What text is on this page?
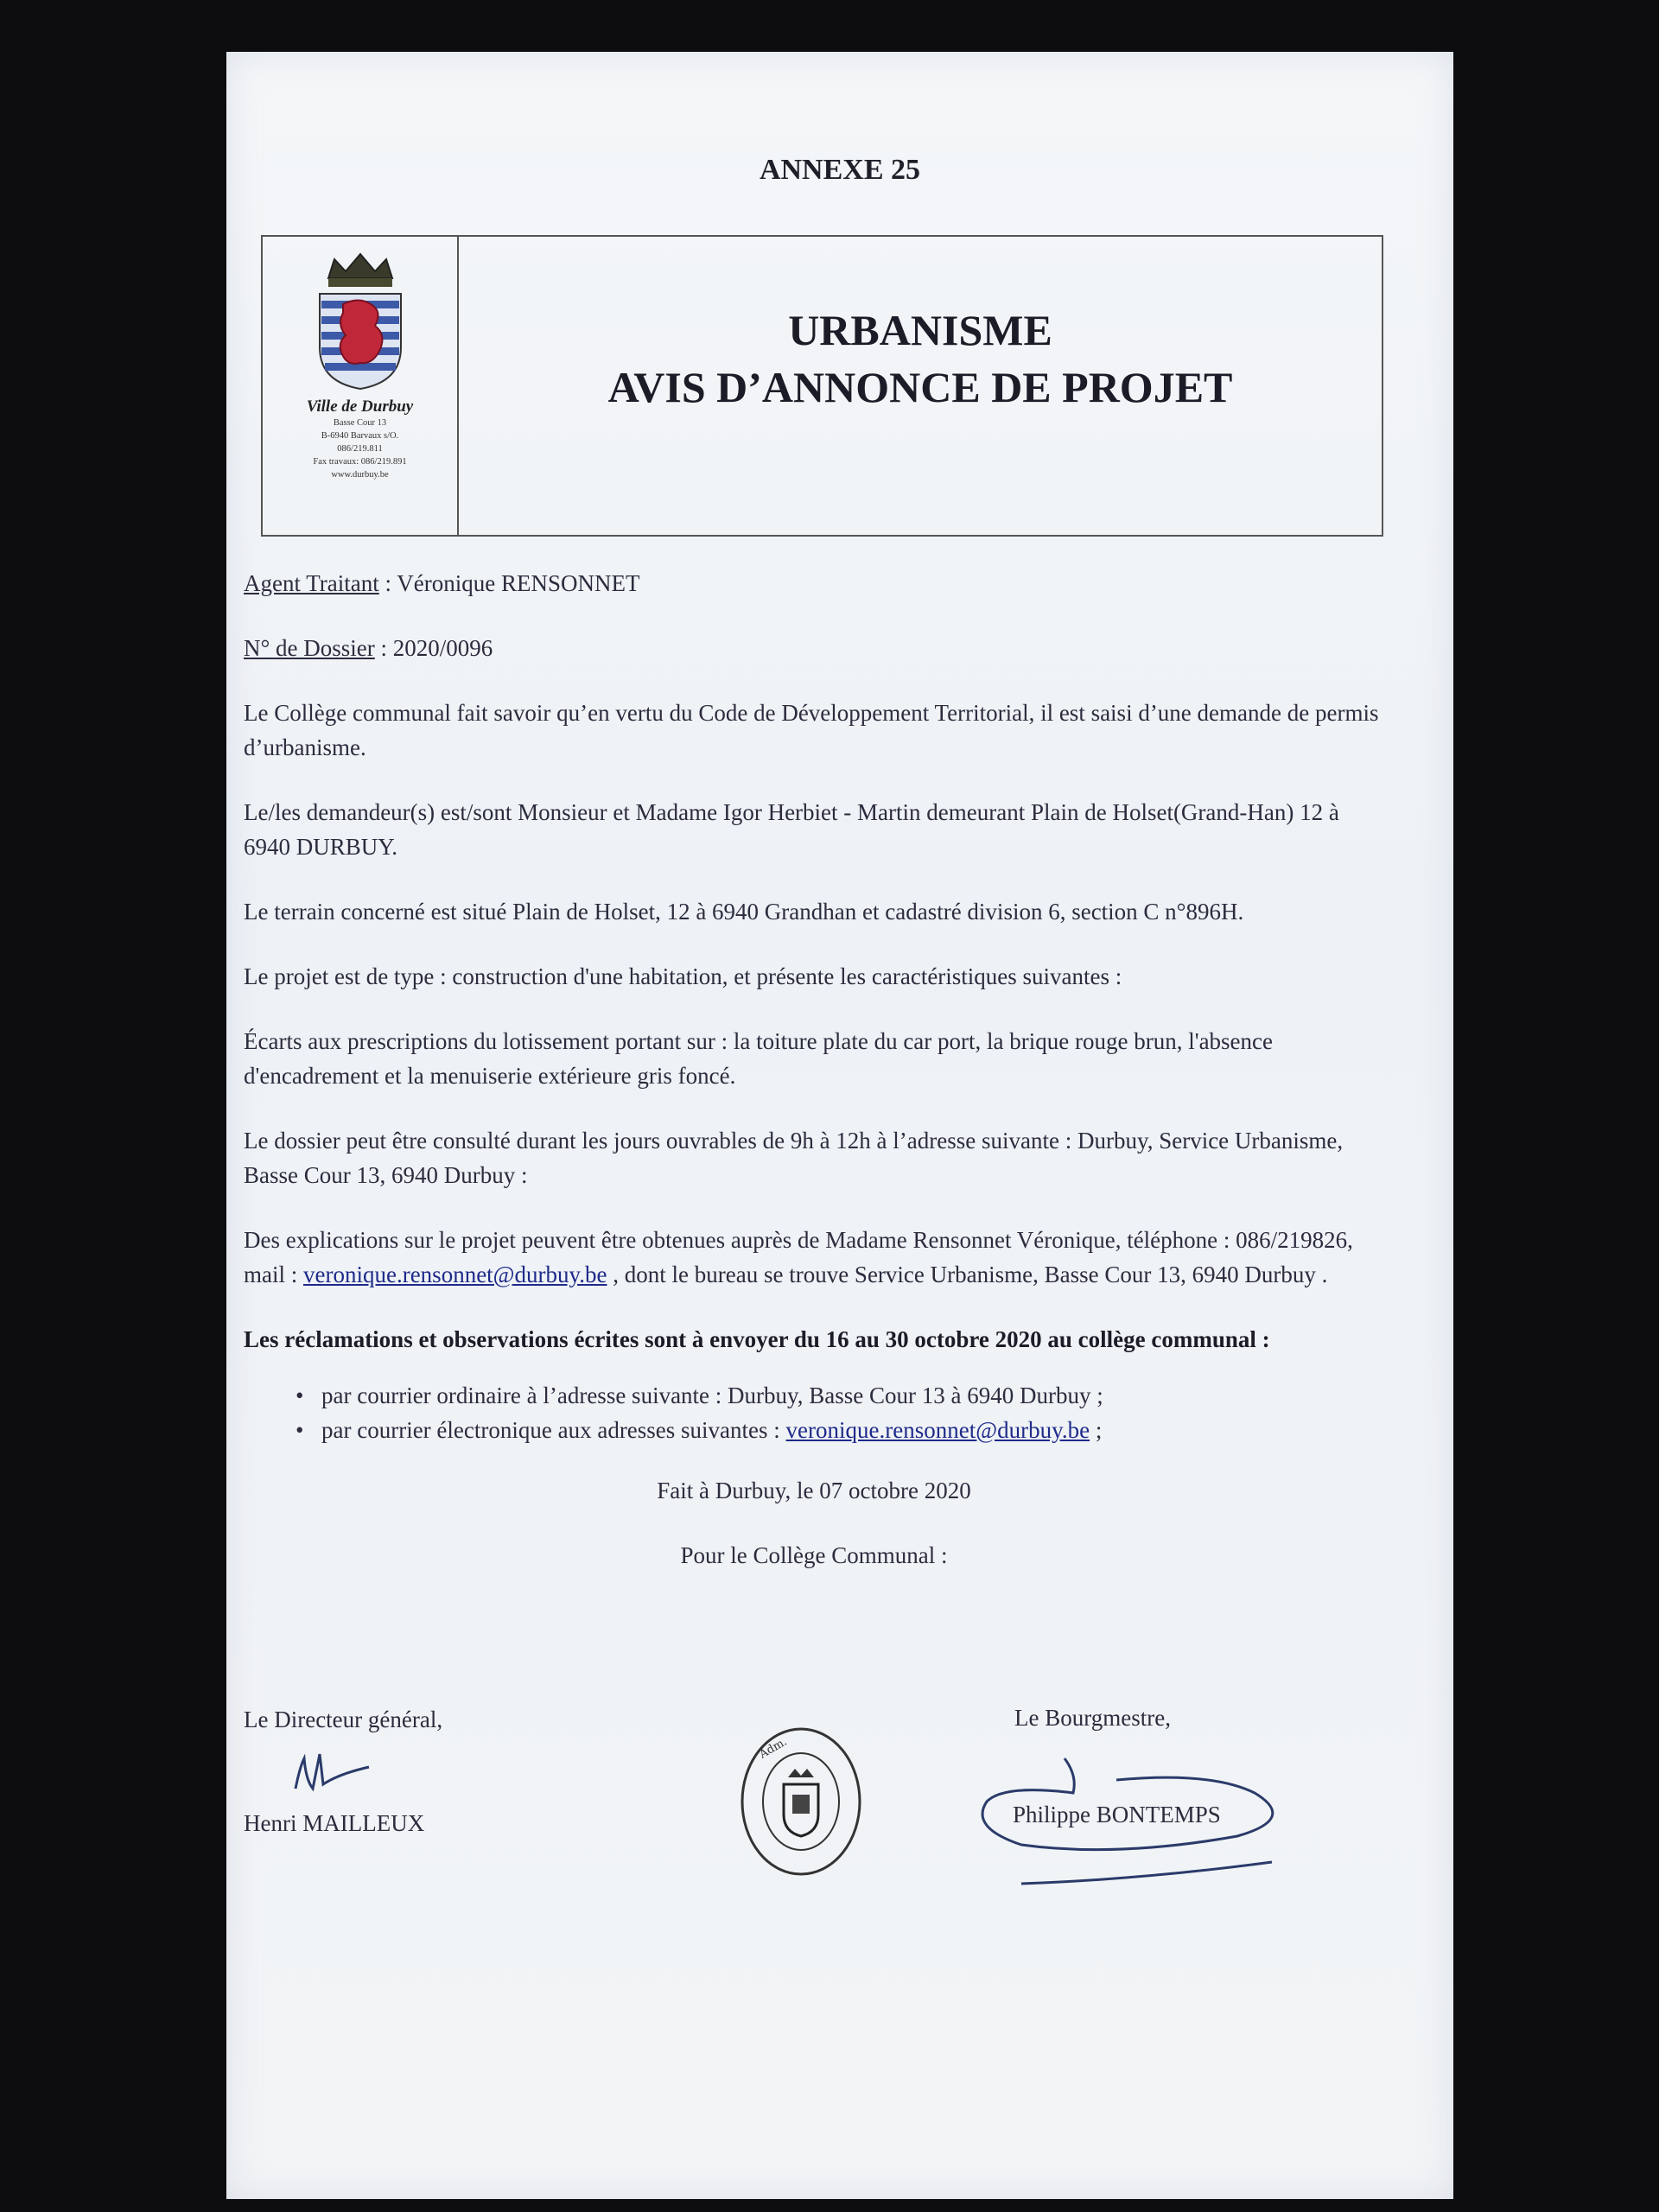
ANNEXE 25
Ville de Durbuy
Basse Cour 13
B-6940 Barvaux s/O.
086/219.811
Fax travaux: 086/219.891
www.durbuy.be
URBANISME
AVIS D’ANNONCE DE PROJET

Agent Traitant : Véronique RENSONNET

N° de Dossier : 2020/0096

Le Collège communal fait savoir qu’en vertu du Code de Développement Territorial, il est saisi d’une demande de permis d’urbanisme.

Le/les demandeur(s) est/sont Monsieur et Madame Igor Herbiet - Martin demeurant Plain de Holset(Grand-Han) 12 à 6940 DURBUY.

Le terrain concerné est situé Plain de Holset, 12 à 6940 Grandhan et cadastré division 6, section C n°896H.

Le projet est de type : construction d'une habitation, et présente les caractéristiques suivantes :

Écarts aux prescriptions du lotissement portant sur : la toiture plate du car port, la brique rouge brun, l'absence d'encadrement et la menuiserie extérieure gris foncé.

Le dossier peut être consulté durant les jours ouvrables de 9h à 12h à l’adresse suivante : Durbuy, Service Urbanisme, Basse Cour 13, 6940 Durbuy :

Des explications sur le projet peuvent être obtenues auprès de Madame Rensonnet Véronique, téléphone : 086/219826, mail : veronique.rensonnet@durbuy.be , dont le bureau se trouve Service Urbanisme, Basse Cour 13, 6940 Durbuy .

Les réclamations et observations écrites sont à envoyer du 16 au 30 octobre 2020 au collège communal :

• par courrier ordinaire à l’adresse suivante : Durbuy, Basse Cour 13 à 6940 Durbuy ;
• par courrier électronique aux adresses suivantes : veronique.rensonnet@durbuy.be ;

Fait à Durbuy, le 07 octobre 2020

Pour le Collège Communal :

Le Directeur général,
Henri MAILLEUX
Adm.
Le Bourgmestre,
Philippe BONTEMPS
